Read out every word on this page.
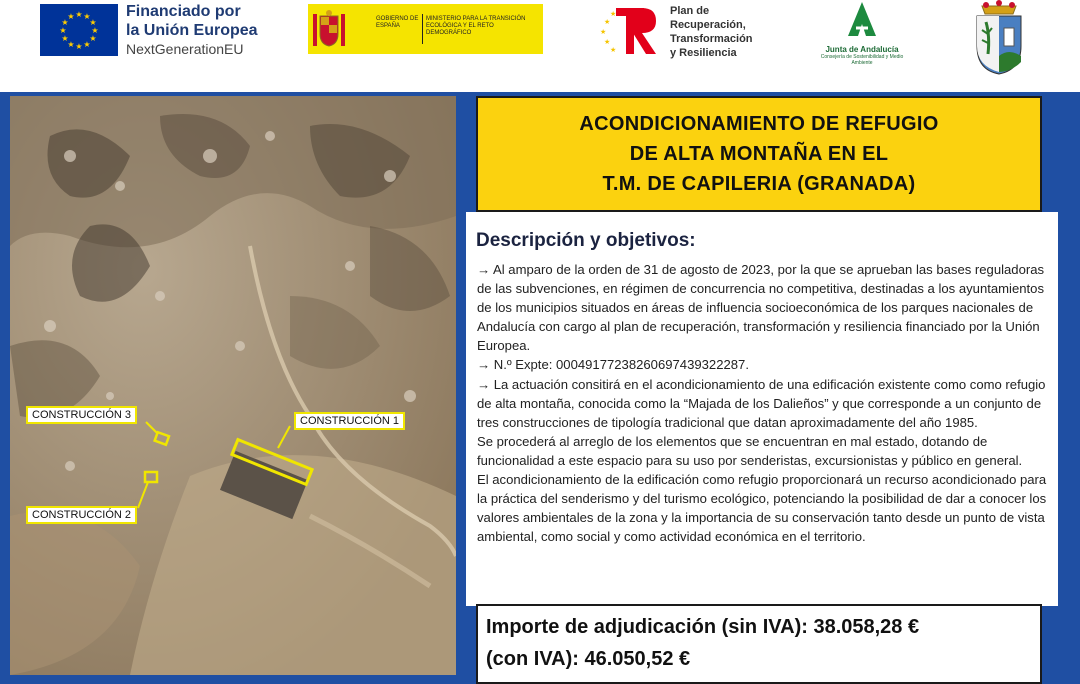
★ ★
★
★
★
★
★
★
★
★
★
★	Financiado por
la Unión Europea
NextGenerationEU
GOBIERNO DE ESPAÑA
MINISTERIO PARA LA TRANSICIÓN ECOLÓGICA Y EL RETO DEMOGRÁFICO
★
★
★
★
★	Plan de
Recuperación,
Transformación
y Resiliencia	Junta de Andalucía
Consejería de Sostenibilidad y Medio Ambiente
CONSTRUCCIÓN 3	CONSTRUCCIÓN 1
CONSTRUCCIÓN 2
ACONDICIONAMIENTO DE REFUGIO
DE ALTA MONTAÑA EN EL
T.M. DE CAPILERIA (GRANADA)
Descripción y objetivos:

→ Al amparo de la orden de 31 de agosto de 2023, por la que se aprueban las bases reguladoras de las subvenciones, en régimen de concurrencia no competitiva, destinadas a los ayuntamientos de los municipios situados en áreas de influencia socioeconómica de los parques nacionales de Andalucía con cargo al plan de recuperación, transformación y resiliencia financiado por la Unión Europea.

→ N.º Expte: 00049177238260697439322287.

→ La actuación consitirá en el acondicionamiento de una edificación existente como como refugio de alta montaña, conocida como la “Majada de los Dalieños” y que corresponde a un conjunto de tres construcciones de tipología tradicional que datan aproximadamente del año 1985.

Se procederá al arreglo de los elementos que se encuentran en mal estado, dotando de funcionalidad a este espacio para su uso por senderistas, excursionistas y público en general.

El acondicionamiento de la edificación como refugio proporcionará un recurso acondicionado para la práctica del senderismo y del turismo ecológico, potenciando la posibilidad de dar a conocer los valores ambientales de la zona y la importancia de su conservación tanto desde un punto de vista ambiental, como social y como actividad económica en el territorio.

Importe de adjudicación (sin IVA): 38.058,28 €
(con IVA): 46.050,52 €
